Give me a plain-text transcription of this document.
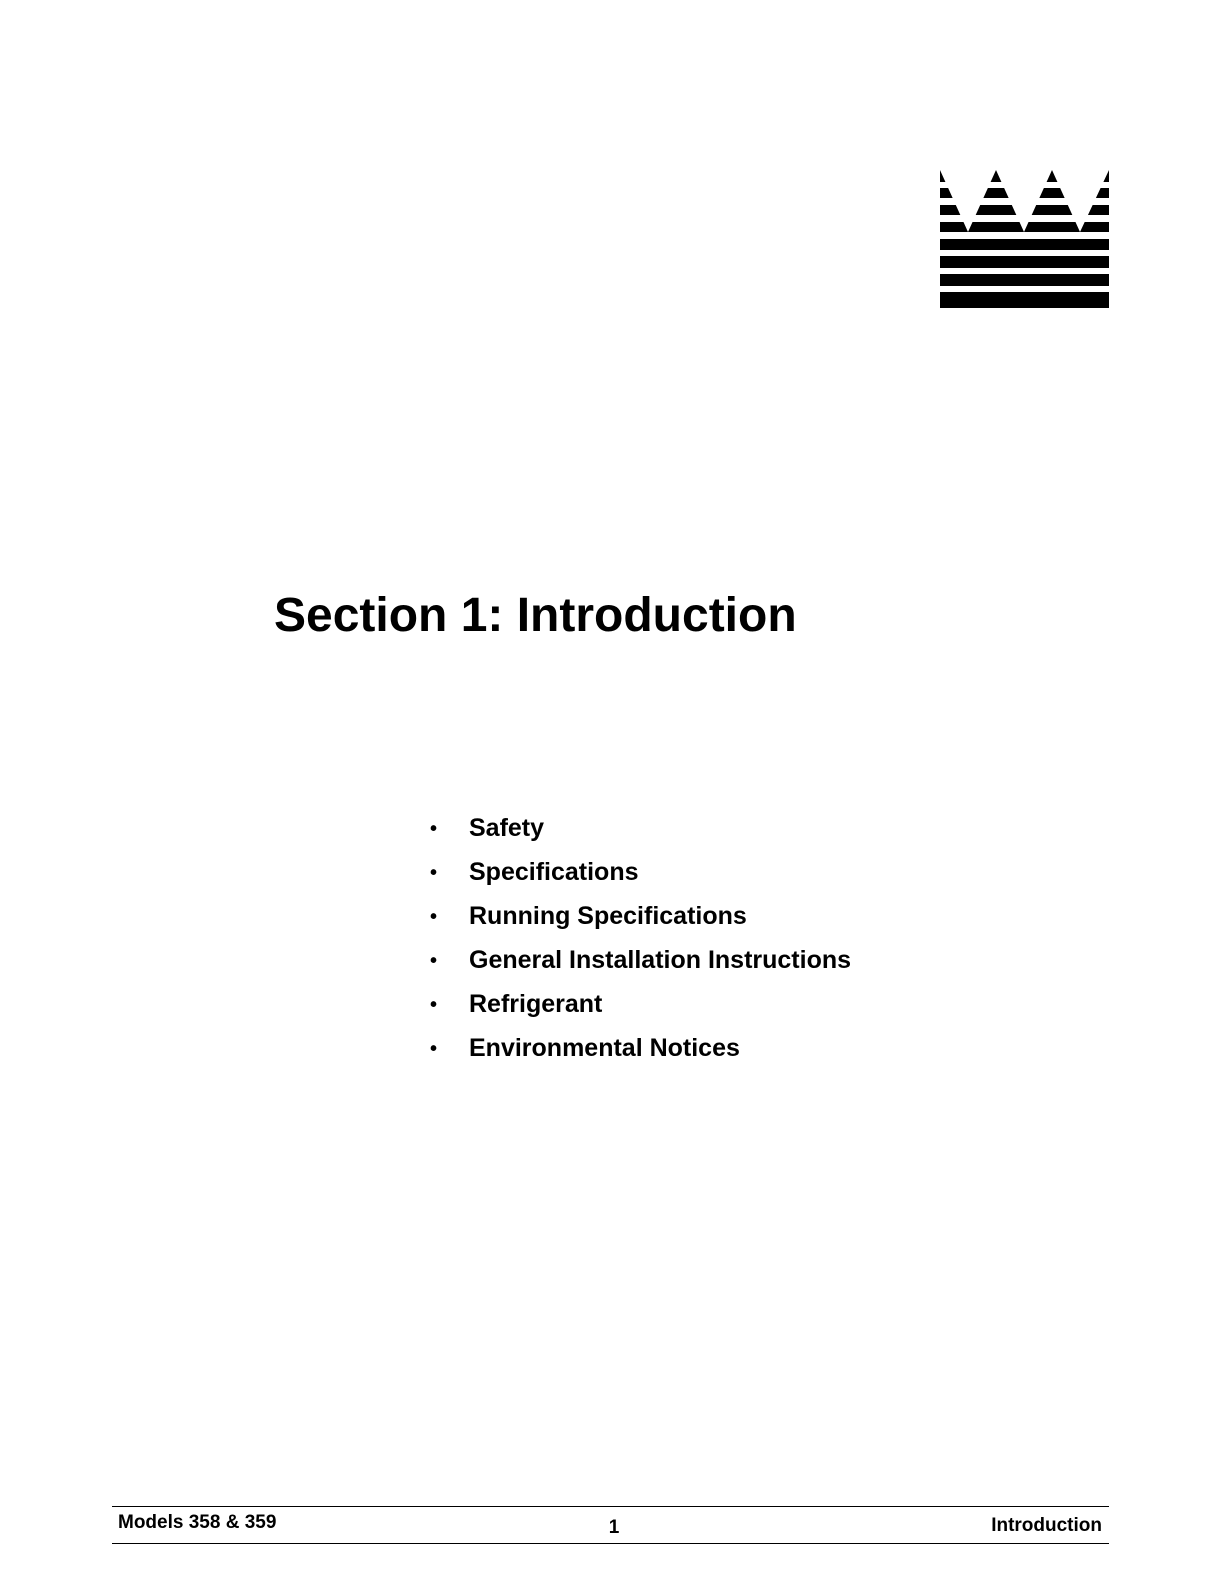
Section 1: Introduction
• Safety
• Specifications
• Running Specifications
• General Installation Instructions
• Refrigerant
• Environmental Notices
Models 358 & 359	1	Introduction
